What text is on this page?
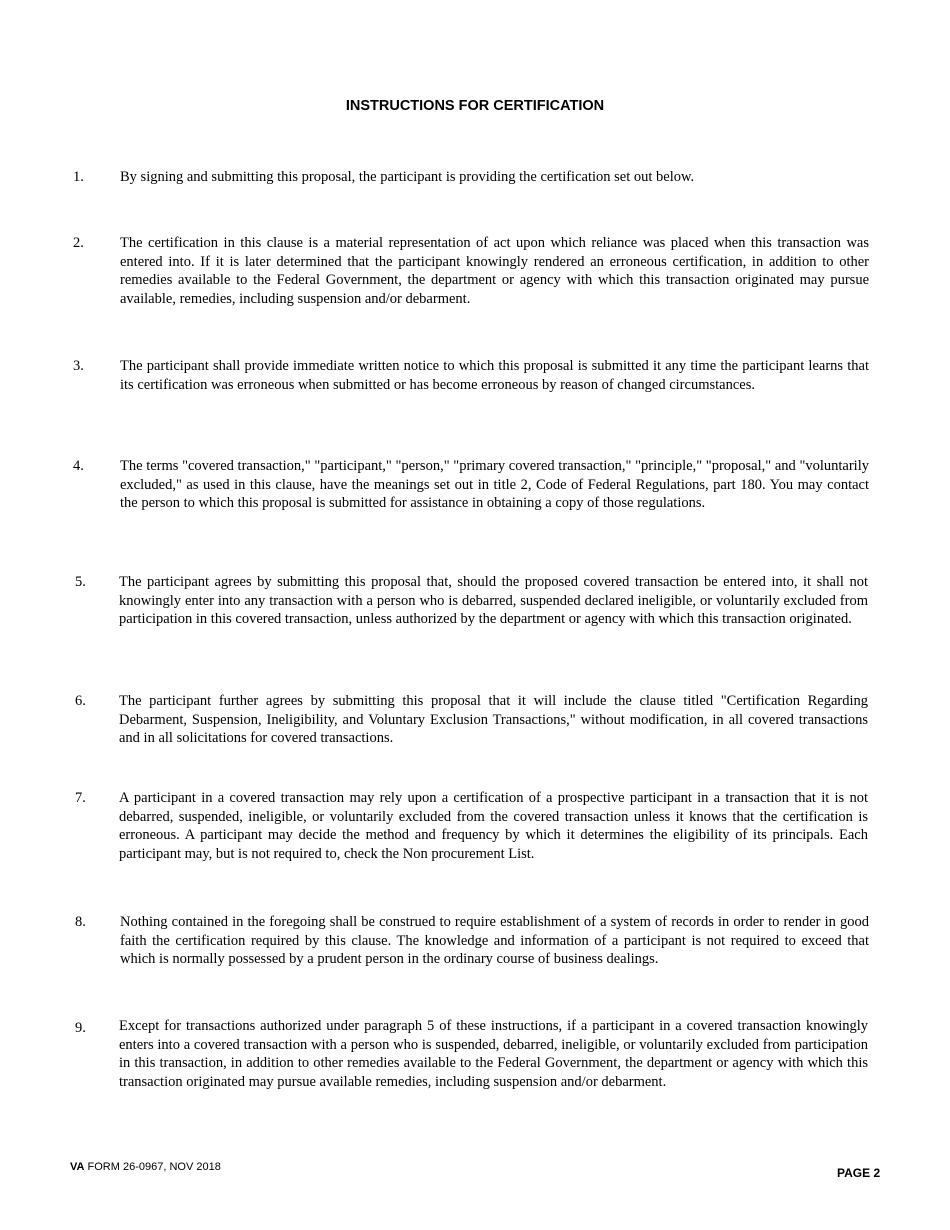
INSTRUCTIONS FOR CERTIFICATION
1.	By signing and submitting this proposal, the participant is providing the certification set out below.
2.	The certification in this clause is a material representation of act upon which reliance was placed when this transaction was entered into. If it is later determined that the participant knowingly rendered an erroneous certification, in addition to other remedies available to the Federal Government, the department or agency with which this transaction originated may pursue available, remedies, including suspension and/or debarment.
3.	The participant shall provide immediate written notice to which this proposal is submitted it any time the participant learns that its certification was erroneous when submitted or has become erroneous by reason of changed circumstances.
4.	The terms "covered transaction," "participant," "person," "primary covered transaction," "principle," "proposal," and "voluntarily excluded," as used in this clause, have the meanings set out in title 2, Code of Federal Regulations, part 180. You may contact the person to which this proposal is submitted for assistance in obtaining a copy of those regulations.
5.	The participant agrees by submitting this proposal that, should the proposed covered transaction be entered into, it shall not knowingly enter into any transaction with a person who is debarred, suspended declared ineligible, or voluntarily excluded from participation in this covered transaction, unless authorized by the department or agency with which this transaction originated.
6.	The participant further agrees by submitting this proposal that it will include the clause titled "Certification Regarding Debarment, Suspension, Ineligibility, and Voluntary Exclusion Transactions," without modification, in all covered transactions and in all solicitations for covered transactions.
7.	A participant in a covered transaction may rely upon a certification of a prospective participant in a transaction that it is not debarred, suspended, ineligible, or voluntarily excluded from the covered transaction unless it knows that the certification is erroneous. A participant may decide the method and frequency by which it determines the eligibility of its principals. Each participant may, but is not required to, check the Non procurement List.
8.	Nothing contained in the foregoing shall be construed to require establishment of a system of records in order to render in good faith the certification required by this clause. The knowledge and information of a participant is not required to exceed that which is normally possessed by a prudent person in the ordinary course of business dealings.
9.	Except for transactions authorized under paragraph 5 of these instructions, if a participant in a covered transaction knowingly enters into a covered transaction with a person who is suspended, debarred, ineligible, or voluntarily excluded from participation in this transaction, in addition to other remedies available to the Federal Government, the department or agency with which this transaction originated may pursue available remedies, including suspension and/or debarment.
VA FORM 26-0967, NOV 2018	PAGE 2
